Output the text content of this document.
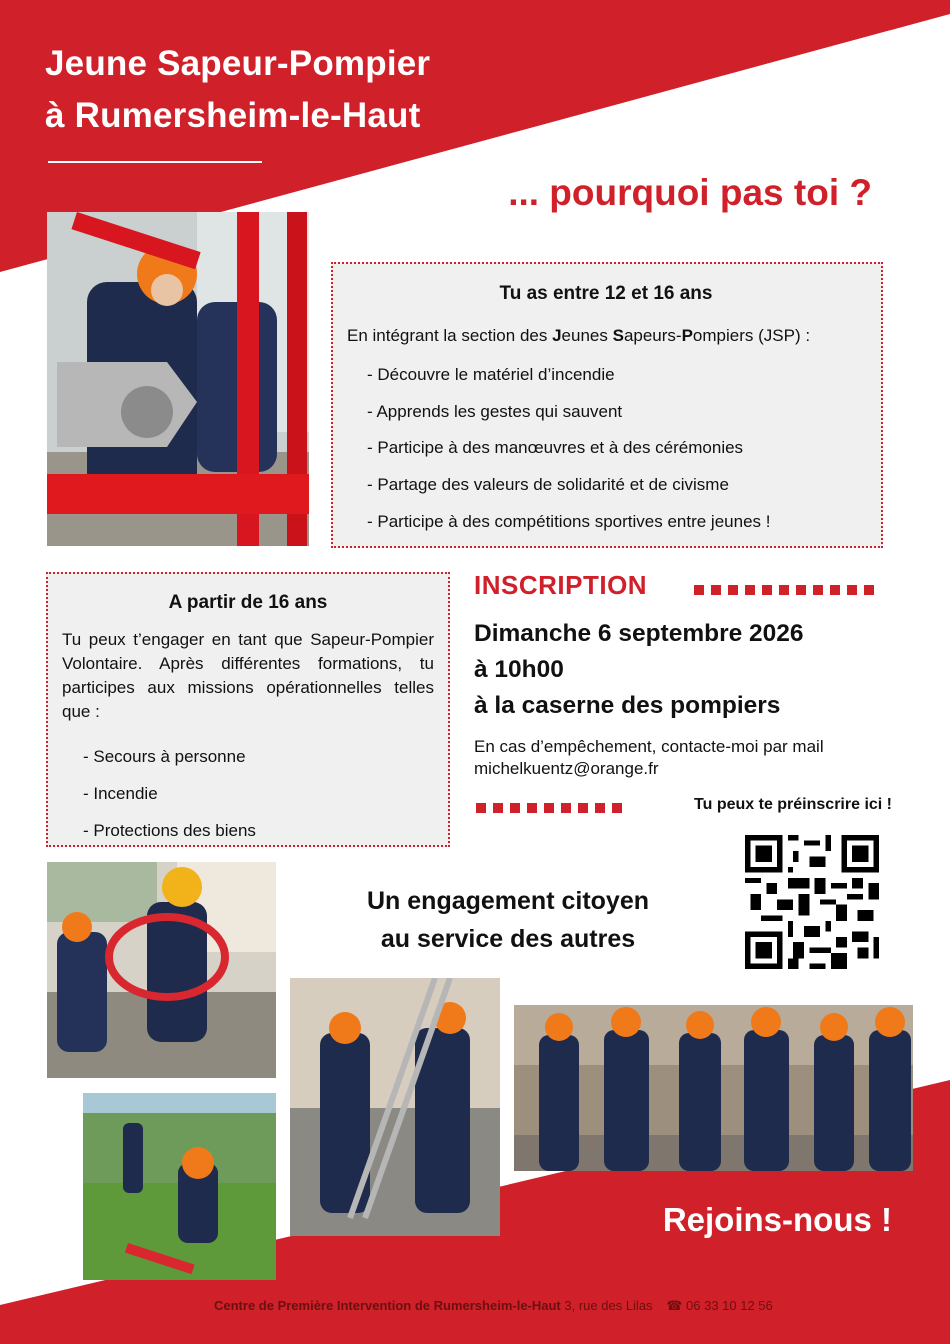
Jeune Sapeur-Pompier
à Rumersheim-le-Haut
... pourquoi pas toi ?
Tu as entre 12 et 16 ans

En intégrant la section des Jeunes Sapeurs-Pompiers (JSP) :

- Découvre le matériel d’incendie
- Apprends les gestes qui sauvent
- Participe à des manœuvres et à des cérémonies
- Partage des valeurs de solidarité et de civisme
- Participe à des compétitions sportives entre jeunes !
A partir de 16 ans

Tu peux t’engager en tant que Sapeur-Pompier Volontaire. Après différentes formations, tu participes aux missions opérationnelles telles que :

- Secours à personne
- Incendie
- Protections des biens
INSCRIPTION

Dimanche 6 septembre 2026
à 10h00
à la caserne des pompiers

En cas d’empêchement, contacte-moi par mail
michelkuentz@orange.fr

Tu peux te préinscrire ici !

Un engagement citoyen
au service des autres

Rejoins-nous !
Centre de Première Intervention de Rumersheim-le-Haut 3, rue des Lilas ☎ 06 33 10 12 56
